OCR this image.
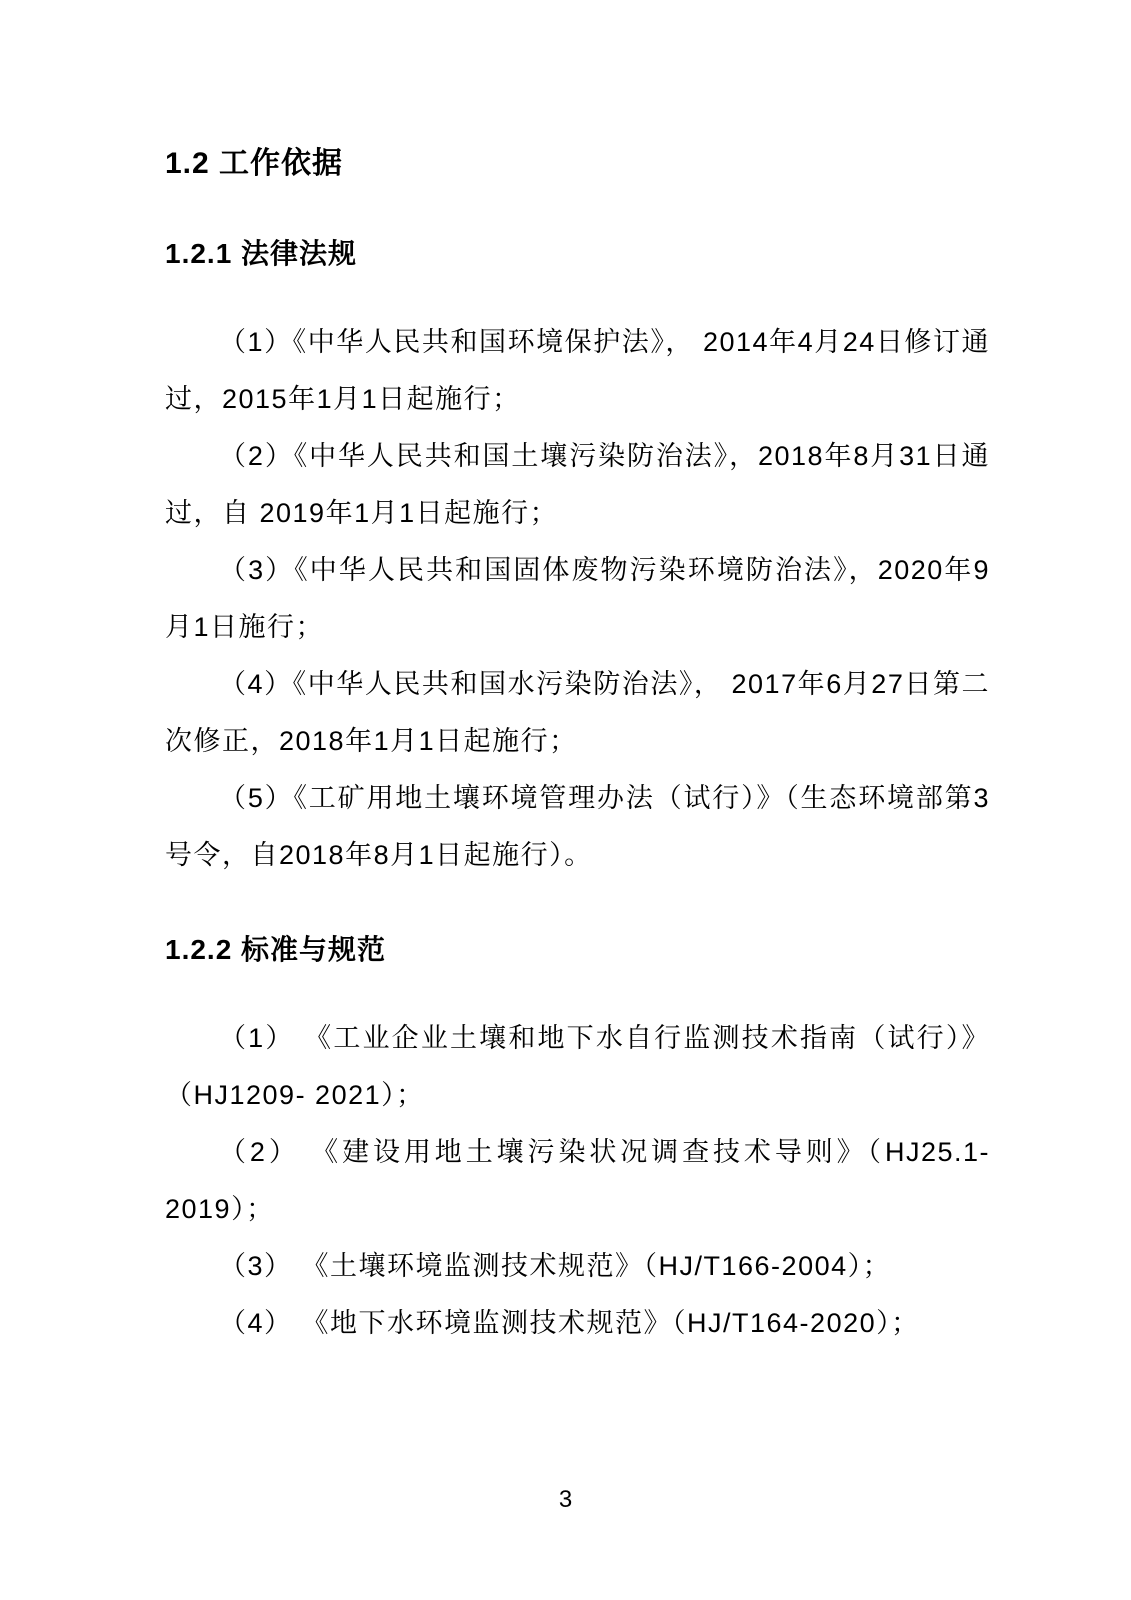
1.2 工作依据
1.2.1 法律法规

（1）《中华人民共和国环境保护法》， 2014年4月24日修订通过，2015年1月1日起施行；

（2）《中华人民共和国土壤污染防治法》，2018年8月31日通过，自 2019年1月1日起施行；

（3）《中华人民共和国固体废物污染环境防治法》，2020年9月1日施行；

（4）《中华人民共和国水污染防治法》， 2017年6月27日第二次修正，2018年1月1日起施行；

（5）《工矿用地土壤环境管理办法（试行）》（生态环境部第3号令，自2018年8月1日起施行）。

1.2.2 标准与规范

（1） 《工业企业土壤和地下水自行监测技术指南（试行）》（HJ1209- 2021）；

（2） 《建设用地土壤污染状况调查技术导则》（HJ25.1-2019）；

（3） 《土壤环境监测技术规范》（HJ/T166-2004）；

（4） 《地下水环境监测技术规范》（HJ/T164-2020）；

3
